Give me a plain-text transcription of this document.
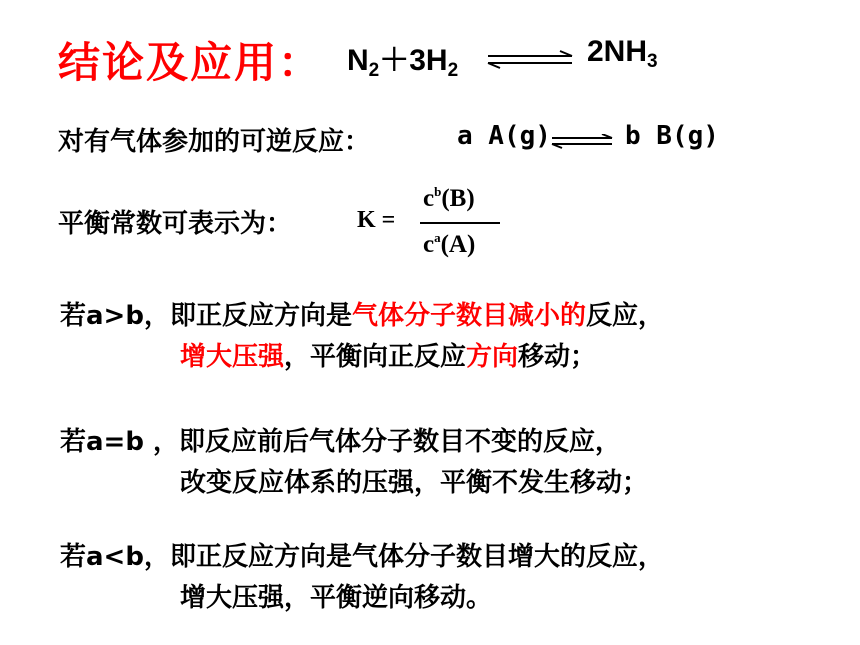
结论及应用： $N_2+3H_2$
$2NH_3$
对有气体参加的可逆反应：	a A(g) ⇌ b B(g)
平衡常数可表示为：	K =
$c^b(B)$
$c^a(A)$
若a>b，即正反应方向是气体分子数目减小的反应，
增大压强，平衡向正反应方向移动；
若a=b ，即反应前后气体分子数目不变的反应，
改变反应体系的压强，平衡不发生移动；
若a<b，即正反应方向是气体分子数目增大的反应，
增大压强，平衡逆向移动。
